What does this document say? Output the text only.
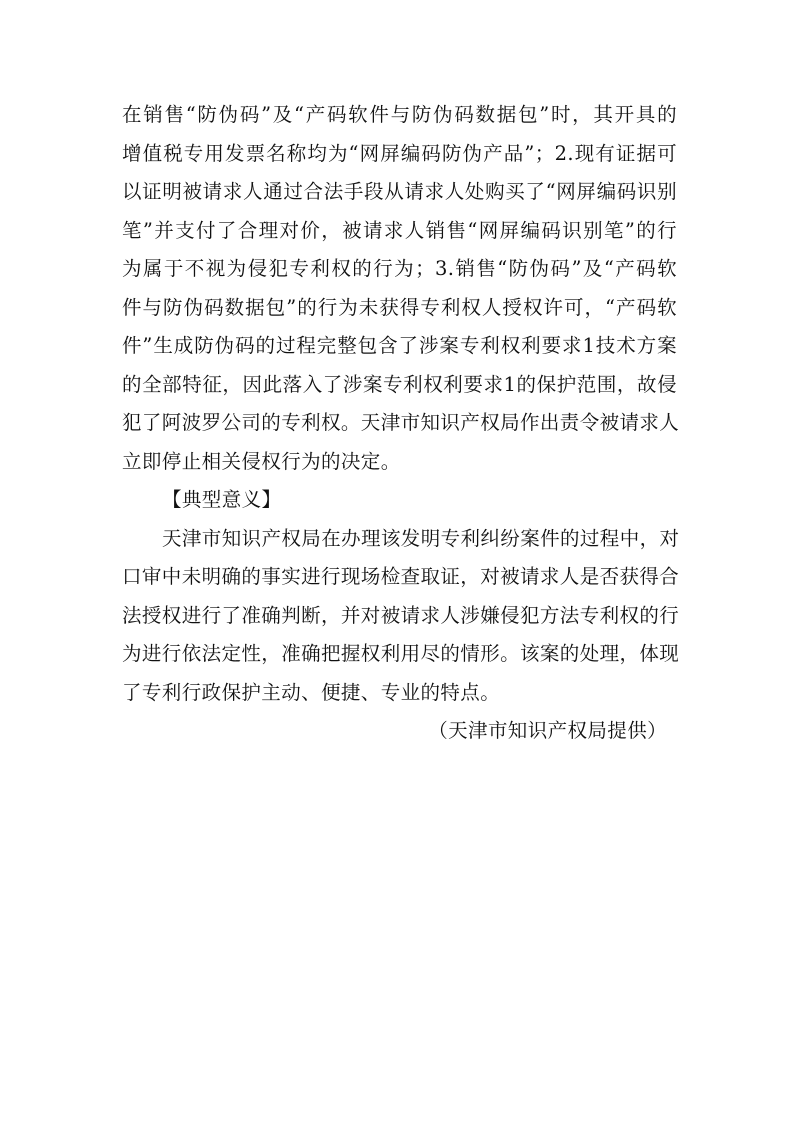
在销售“防伪码”及“产码软件与防伪码数据包”时，其开具的
增值税专用发票名称均为“网屏编码防伪产品”；2.现有证据可
以证明被请求人通过合法手段从请求人处购买了“网屏编码识别
笔”并支付了合理对价，被请求人销售“网屏编码识别笔”的行
为属于不视为侵犯专利权的行为；3.销售“防伪码”及“产码软
件与防伪码数据包”的行为未获得专利权人授权许可，“产码软
件”生成防伪码的过程完整包含了涉案专利权利要求1技术方案
的全部特征，因此落入了涉案专利权利要求1的保护范围，故侵
犯了阿波罗公司的专利权。天津市知识产权局作出责令被请求人
立即停止相关侵权行为的决定。
【典型意义】
天津市知识产权局在办理该发明专利纠纷案件的过程中，对
口审中未明确的事实进行现场检查取证，对被请求人是否获得合
法授权进行了准确判断，并对被请求人涉嫌侵犯方法专利权的行
为进行依法定性，准确把握权利用尽的情形。该案的处理，体现
了专利行政保护主动、便捷、专业的特点。
（天津市知识产权局提供）
